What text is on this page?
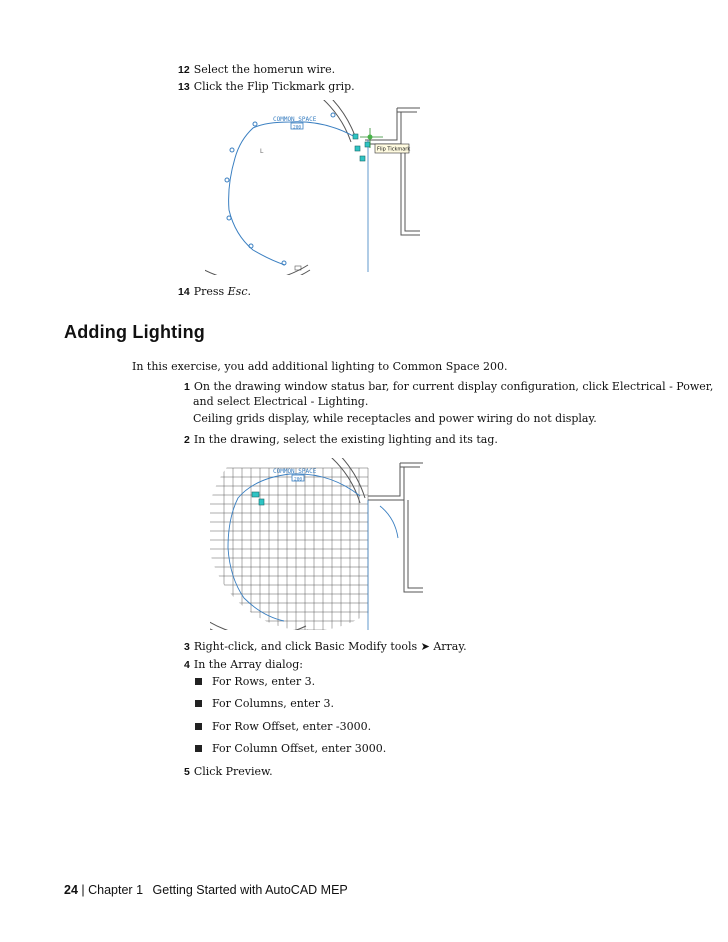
12 Select the homerun wire.
13 Click the Flip Tickmark grip.
COMMON SPACE
200
L	Flip Tickmark
14 Press Esc.
Adding Lighting
In this exercise, you add additional lighting to Common Space 200.
1 On the drawing window status bar, for current display configuration, click Electrical - Power,
and select Electrical - Lighting.
Ceiling grids display, while receptacles and power wiring do not display.
2 In the drawing, select the existing lighting and its tag.
COMMON SPACE
200
3 Right-click, and click Basic Modify tools ➤ Array.
4 In the Array dialog:
For Rows, enter 3.
For Columns, enter 3.
For Row Offset, enter -3000.
For Column Offset, enter 3000.
5 Click Preview.
24 | Chapter 1 Getting Started with AutoCAD MEP
